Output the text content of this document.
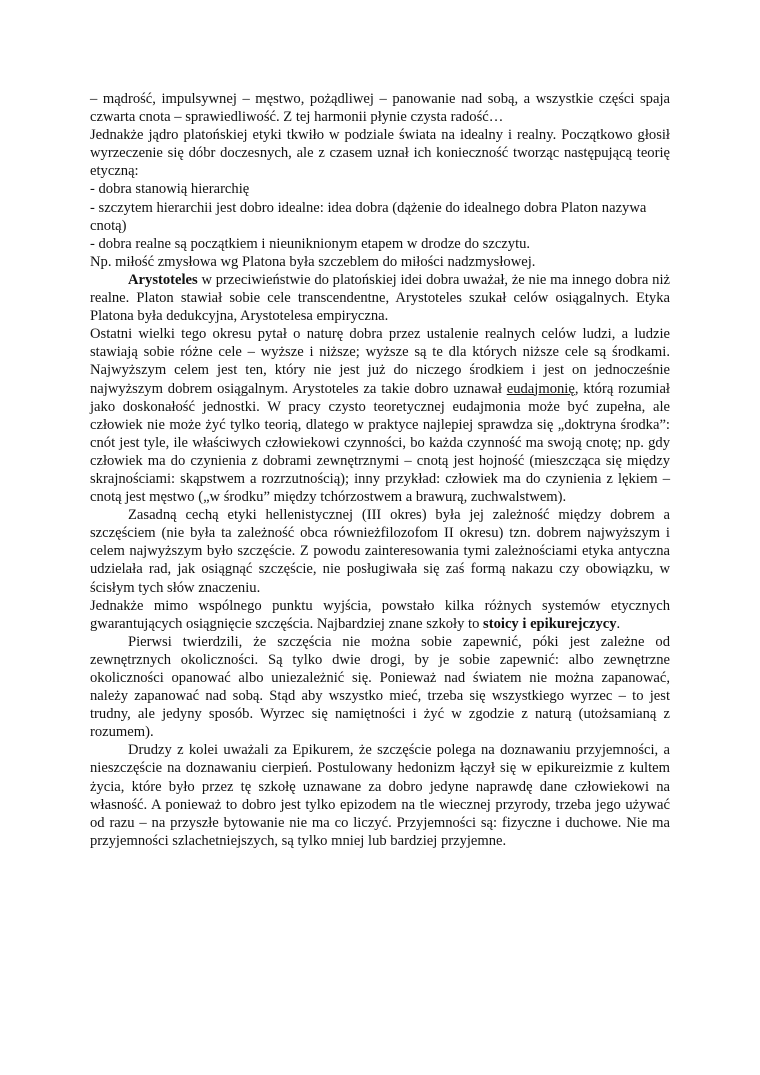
– mądrość, impulsywnej – męstwo, pożądliwej – panowanie nad sobą, a wszystkie części spaja czwarta cnota – sprawiedliwość. Z tej harmonii płynie czysta radość…

Jednakże jądro platońskiej etyki tkwiło w podziale świata na idealny i realny. Początkowo głosił wyrzeczenie się dóbr doczesnych, ale z czasem uznał ich konieczność tworząc następującą teorię etyczną:

- dobra stanowią hierarchię

- szczytem hierarchii jest dobro idealne: idea dobra (dążenie do idealnego dobra Platon nazywa cnotą)

- dobra realne są początkiem i nieuniknionym etapem w drodze do szczytu.

Np. miłość zmysłowa wg Platona była szczeblem do miłości nadzmysłowej.

Arystoteles w przeciwieństwie do platońskiej idei dobra uważał, że nie ma innego dobra niż realne. Platon stawiał sobie cele transcendentne, Arystoteles szukał celów osiągalnych. Etyka Platona była dedukcyjna, Arystotelesa empiryczna.

Ostatni wielki tego okresu pytał o naturę dobra przez ustalenie realnych celów ludzi, a ludzie stawiają sobie różne cele – wyższe i niższe; wyższe są te dla których niższe cele są środkami. Najwyższym celem jest ten, który nie jest już do niczego środkiem i jest on jednocześnie najwyższym dobrem osiągalnym. Arystoteles za takie dobro uznawał eudajmonię, którą rozumiał jako doskonałość jednostki. W pracy czysto teoretycznej eudajmonia może być zupełna, ale człowiek nie może żyć tylko teorią, dlatego w praktyce najlepiej sprawdza się „doktryna środka”: cnót jest tyle, ile właściwych człowiekowi czynności, bo każda czynność ma swoją cnotę; np. gdy człowiek ma do czynienia z dobrami zewnętrznymi – cnotą jest hojność (mieszcząca się między skrajnościami: skąpstwem a rozrzutnością); inny przykład: człowiek ma do czynienia z lękiem – cnotą jest męstwo („w środku” między tchórzostwem a brawurą, zuchwalstwem).

Zasadną cechą etyki hellenistycznej (III okres) była jej zależność między dobrem a szczęściem (nie była ta zależność obca równieżfilozofom II okresu) tzn. dobrem najwyższym i celem najwyższym było szczęście. Z powodu zainteresowania tymi zależnościami etyka antyczna udzielała rad, jak osiągnąć szczęście, nie posługiwała się zaś formą nakazu czy obowiązku, w ścisłym tych słów znaczeniu.

Jednakże mimo wspólnego punktu wyjścia, powstało kilka różnych systemów etycznych gwarantujących osiągnięcie szczęścia. Najbardziej znane szkoły to stoicy i epikurejczycy.

Pierwsi twierdzili, że szczęścia nie można sobie zapewnić, póki jest zależne od zewnętrznych okoliczności. Są tylko dwie drogi, by je sobie zapewnić: albo zewnętrzne okoliczności opanować albo uniezależnić się. Ponieważ nad światem nie można zapanować, należy zapanować nad sobą. Stąd aby wszystko mieć, trzeba się wszystkiego wyrzec – to jest trudny, ale jedyny sposób. Wyrzec się namiętności i żyć w zgodzie z naturą (utożsamianą z rozumem).

Drudzy z kolei uważali za Epikurem, że szczęście polega na doznawaniu przyjemności, a nieszczęście na doznawaniu cierpień. Postulowany hedonizm łączył się w epikureizmie z kultem życia, które było przez tę szkołę uznawane za dobro jedyne naprawdę dane człowiekowi na własność. A ponieważ to dobro jest tylko epizodem na tle wiecznej przyrody, trzeba jego używać od razu – na przyszłe bytowanie nie ma co liczyć. Przyjemności są: fizyczne i duchowe. Nie ma przyjemności szlachetniejszych, są tylko mniej lub bardziej przyjemne.
